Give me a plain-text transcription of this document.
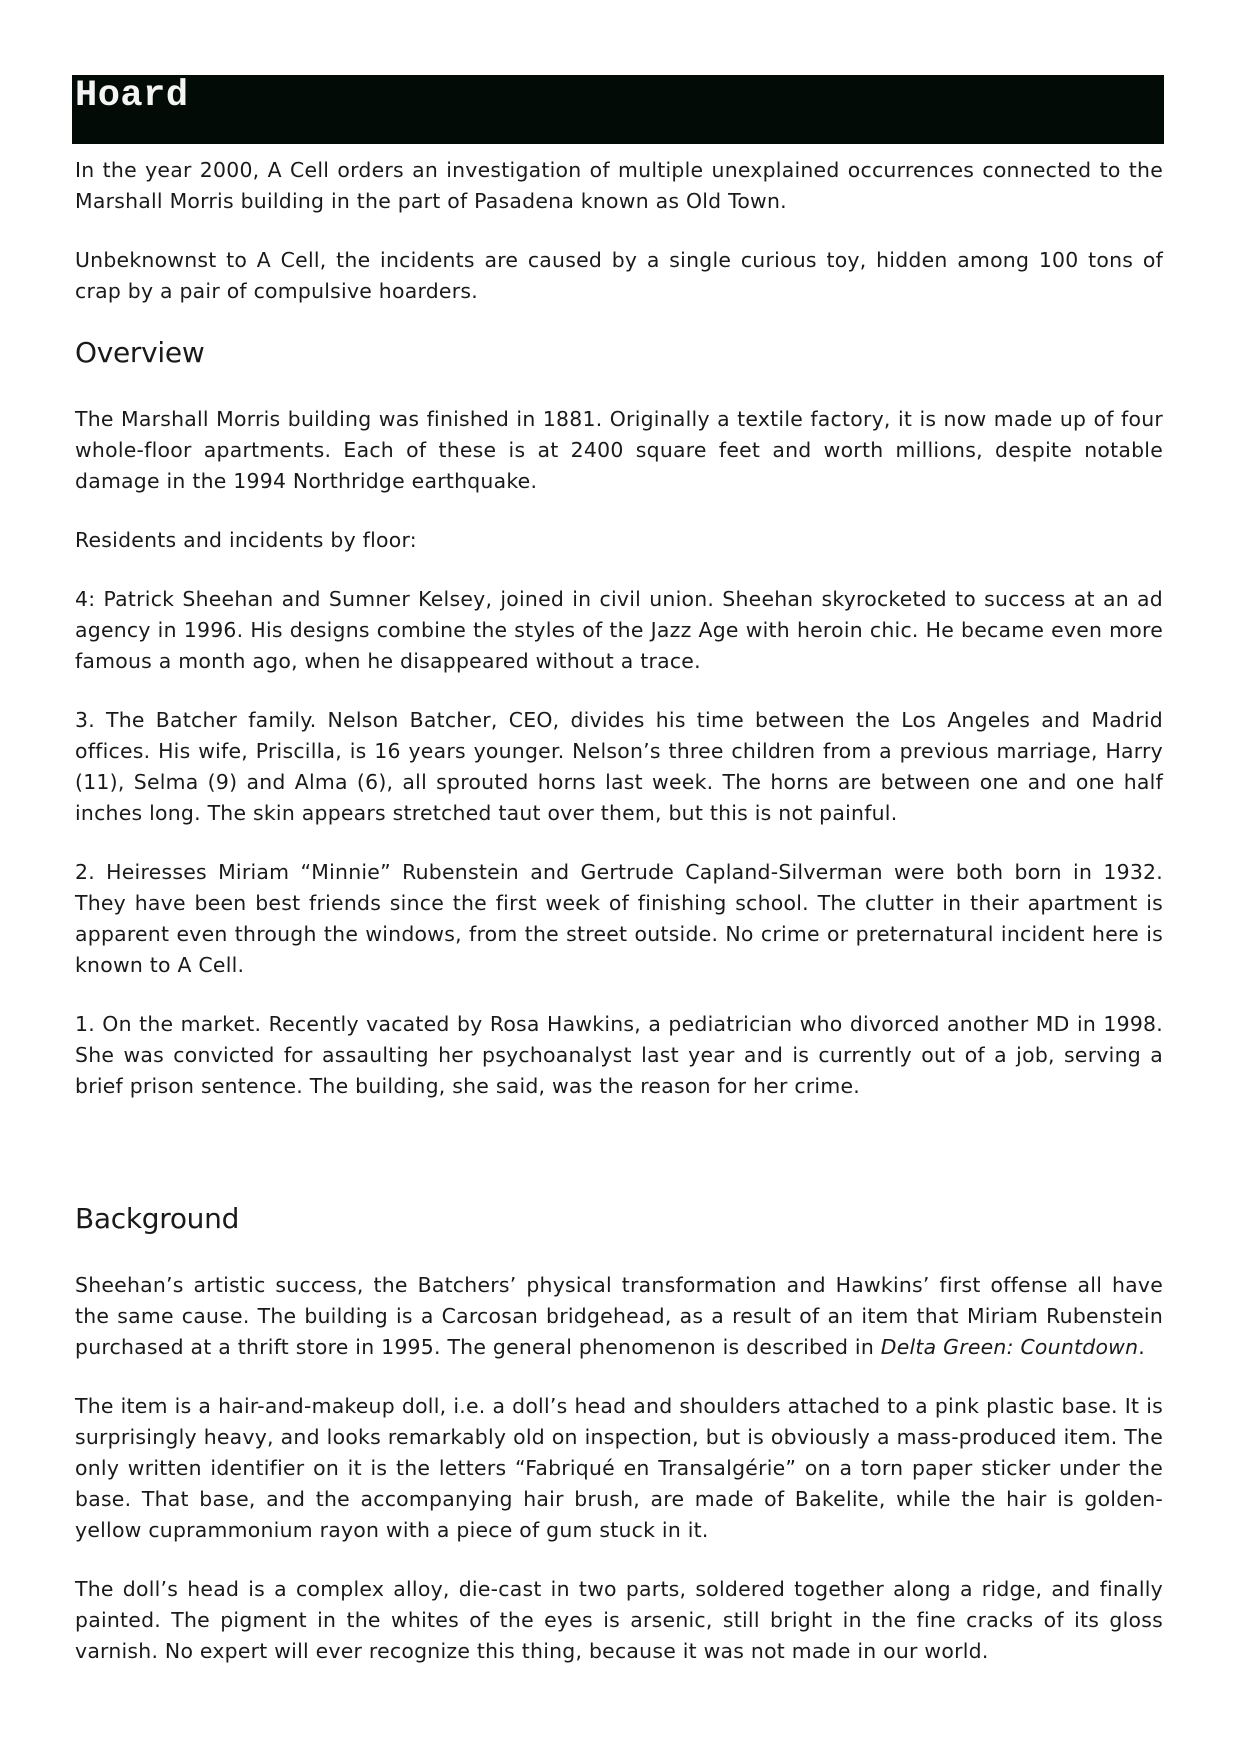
Hoard

In the year 2000, A Cell orders an investigation of multiple unexplained occurrences connected to the Marshall Morris building in the part of Pasadena known as Old Town.

Unbeknownst to A Cell, the incidents are caused by a single curious toy, hidden among 100 tons of crap by a pair of compulsive hoarders.

Overview

The Marshall Morris building was finished in 1881. Originally a textile factory, it is now made up of four whole-floor apartments. Each of these is at 2400 square feet and worth millions, despite notable damage in the 1994 Northridge earthquake.

Residents and incidents by floor:

4: Patrick Sheehan and Sumner Kelsey, joined in civil union. Sheehan skyrocketed to success at an ad agency in 1996. His designs combine the styles of the Jazz Age with heroin chic. He became even more famous a month ago, when he disappeared without a trace.

3. The Batcher family. Nelson Batcher, CEO, divides his time between the Los Angeles and Madrid offices. His wife, Priscilla, is 16 years younger. Nelson’s three children from a previous marriage, Harry (11), Selma (9) and Alma (6), all sprouted horns last week. The horns are between one and one half inches long. The skin appears stretched taut over them, but this is not painful.

2. Heiresses Miriam “Minnie” Rubenstein and Gertrude Capland-Silverman were both born in 1932. They have been best friends since the first week of finishing school. The clutter in their apartment is apparent even through the windows, from the street outside. No crime or preternatural incident here is known to A Cell.

1. On the market. Recently vacated by Rosa Hawkins, a pediatrician who divorced another MD in 1998. She was convicted for assaulting her psychoanalyst last year and is currently out of a job, serving a brief prison sentence. The building, she said, was the reason for her crime.

Background

Sheehan’s artistic success, the Batchers’ physical transformation and Hawkins’ first offense all have the same cause. The building is a Carcosan bridgehead, as a result of an item that Miriam Rubenstein purchased at a thrift store in 1995. The general phenomenon is described in Delta Green: Countdown.

The item is a hair-and-makeup doll, i.e. a doll’s head and shoulders attached to a pink plastic base. It is surprisingly heavy, and looks remarkably old on inspection, but is obviously a mass-produced item. The only written identifier on it is the letters “Fabriqué en Transalgérie” on a torn paper sticker under the base. That base, and the accompanying hair brush, are made of Bakelite, while the hair is golden-yellow cuprammonium rayon with a piece of gum stuck in it.

The doll’s head is a complex alloy, die-cast in two parts, soldered together along a ridge, and finally painted. The pigment in the whites of the eyes is arsenic, still bright in the fine cracks of its gloss varnish. No expert will ever recognize this thing, because it was not made in our world.
